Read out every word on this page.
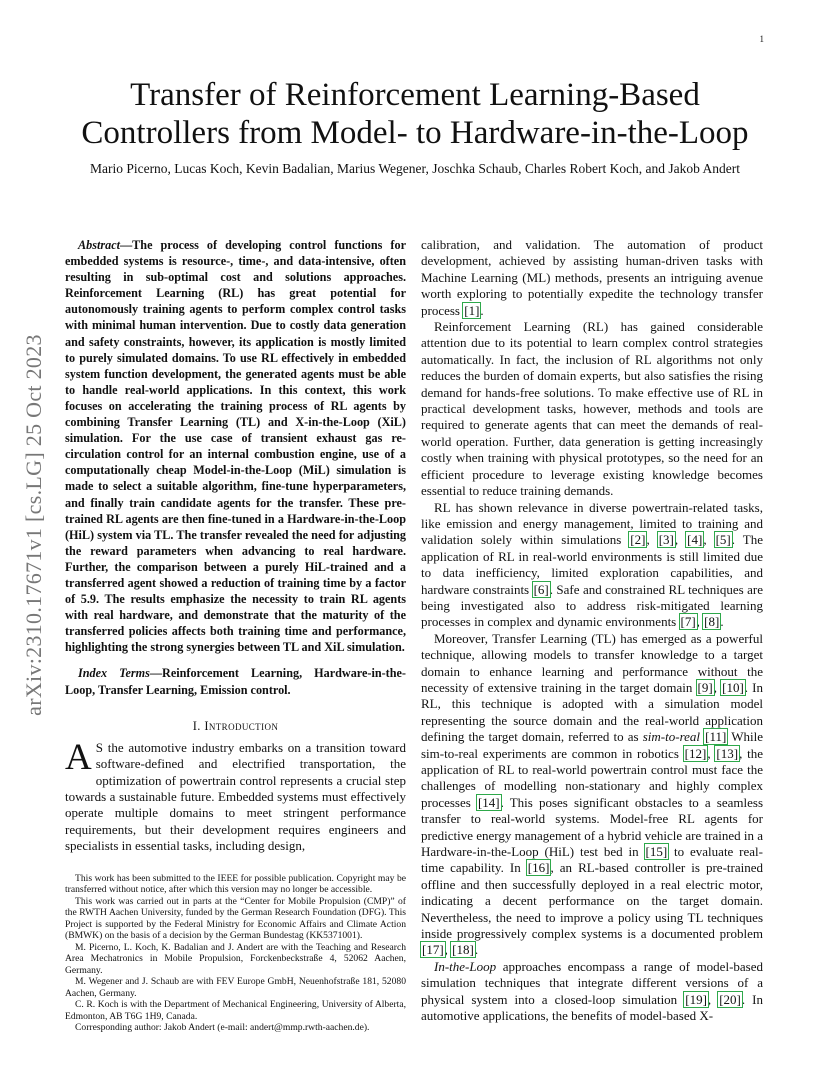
1
arXiv:2310.17671v1 [cs.LG] 25 Oct 2023
Transfer of Reinforcement Learning-Based Controllers from Model- to Hardware-in-the-Loop
Mario Picerno, Lucas Koch, Kevin Badalian, Marius Wegener, Joschka Schaub, Charles Robert Koch, and Jakob Andert

Abstract—The process of developing control functions for embedded systems is resource-, time-, and data-intensive, often resulting in sub-optimal cost and solutions approaches. Reinforcement Learning (RL) has great potential for autonomously training agents to perform complex control tasks with minimal human intervention. Due to costly data generation and safety constraints, however, its application is mostly limited to purely simulated domains. To use RL effectively in embedded system function development, the generated agents must be able to handle real-world applications. In this context, this work focuses on accelerating the training process of RL agents by combining Transfer Learning (TL) and X-in-the-Loop (XiL) simulation. For the use case of transient exhaust gas re-circulation control for an internal combustion engine, use of a computationally cheap Model-in-the-Loop (MiL) simulation is made to select a suitable algorithm, fine-tune hyperparameters, and finally train candidate agents for the transfer. These pre-trained RL agents are then fine-tuned in a Hardware-in-the-Loop (HiL) system via TL. The transfer revealed the need for adjusting the reward parameters when advancing to real hardware. Further, the comparison between a purely HiL-trained and a transferred agent showed a reduction of training time by a factor of 5.9. The results emphasize the necessity to train RL agents with real hardware, and demonstrate that the maturity of the transferred policies affects both training time and performance, highlighting the strong synergies between TL and XiL simulation.

Index Terms—Reinforcement Learning, Hardware-in-the-Loop, Transfer Learning, Emission control.

I. Introduction

A S the automotive industry embarks on a transition toward software-defined and electrified transportation, the optimization of powertrain control represents a crucial step towards a sustainable future. Embedded systems must effectively operate multiple domains to meet stringent performance requirements, but their development requires engineers and specialists in essential tasks, including design,

This work has been submitted to the IEEE for possible publication. Copyright may be transferred without notice, after which this version may no longer be accessible.

This work was carried out in parts at the “Center for Mobile Propulsion (CMP)” of the RWTH Aachen University, funded by the German Research Foundation (DFG). This Project is supported by the Federal Ministry for Economic Affairs and Climate Action (BMWK) on the basis of a decision by the German Bundestag (KK5371001).

M. Picerno, L. Koch, K. Badalian and J. Andert are with the Teaching and Research Area Mechatronics in Mobile Propulsion, Forckenbeckstraße 4, 52062 Aachen, Germany.

M. Wegener and J. Schaub are with FEV Europe GmbH, Neuenhofstraße 181, 52080 Aachen, Germany.

C. R. Koch is with the Department of Mechanical Engineering, University of Alberta, Edmonton, AB T6G 1H9, Canada.

Corresponding author: Jakob Andert (e-mail: andert@mmp.rwth-aachen.de).

calibration, and validation. The automation of product development, achieved by assisting human-driven tasks with Machine Learning (ML) methods, presents an intriguing avenue worth exploring to potentially expedite the technology transfer process [1].

Reinforcement Learning (RL) has gained considerable attention due to its potential to learn complex control strategies automatically. In fact, the inclusion of RL algorithms not only reduces the burden of domain experts, but also satisfies the rising demand for hands-free solutions. To make effective use of RL in practical development tasks, however, methods and tools are required to generate agents that can meet the demands of real-world operation. Further, data generation is getting increasingly costly when training with physical prototypes, so the need for an efficient procedure to leverage existing knowledge becomes essential to reduce training demands.

RL has shown relevance in diverse powertrain-related tasks, like emission and energy management, limited to training and validation solely within simulations [2], [3], [4], [5]. The application of RL in real-world environments is still limited due to data inefficiency, limited exploration capabilities, and hardware constraints [6]. Safe and constrained RL techniques are being investigated also to address risk-mitigated learning processes in complex and dynamic environments [7], [8].

Moreover, Transfer Learning (TL) has emerged as a powerful technique, allowing models to transfer knowledge to a target domain to enhance learning and performance without the necessity of extensive training in the target domain [9], [10]. In RL, this technique is adopted with a simulation model representing the source domain and the real-world application defining the target domain, referred to as sim-to-real [11] While sim-to-real experiments are common in robotics [12], [13], the application of RL to real-world powertrain control must face the challenges of modelling non-stationary and highly complex processes [14]. This poses significant obstacles to a seamless transfer to real-world systems. Model-free RL agents for predictive energy management of a hybrid vehicle are trained in a Hardware-in-the-Loop (HiL) test bed in [15] to evaluate real-time capability. In [16], an RL-based controller is pre-trained offline and then successfully deployed in a real electric motor, indicating a decent performance on the target domain. Nevertheless, the need to improve a policy using TL techniques inside progressively complex systems is a documented problem [17], [18].

In-the-Loop approaches encompass a range of model-based simulation techniques that integrate different versions of a physical system into a closed-loop simulation [19], [20]. In automotive applications, the benefits of model-based X-
